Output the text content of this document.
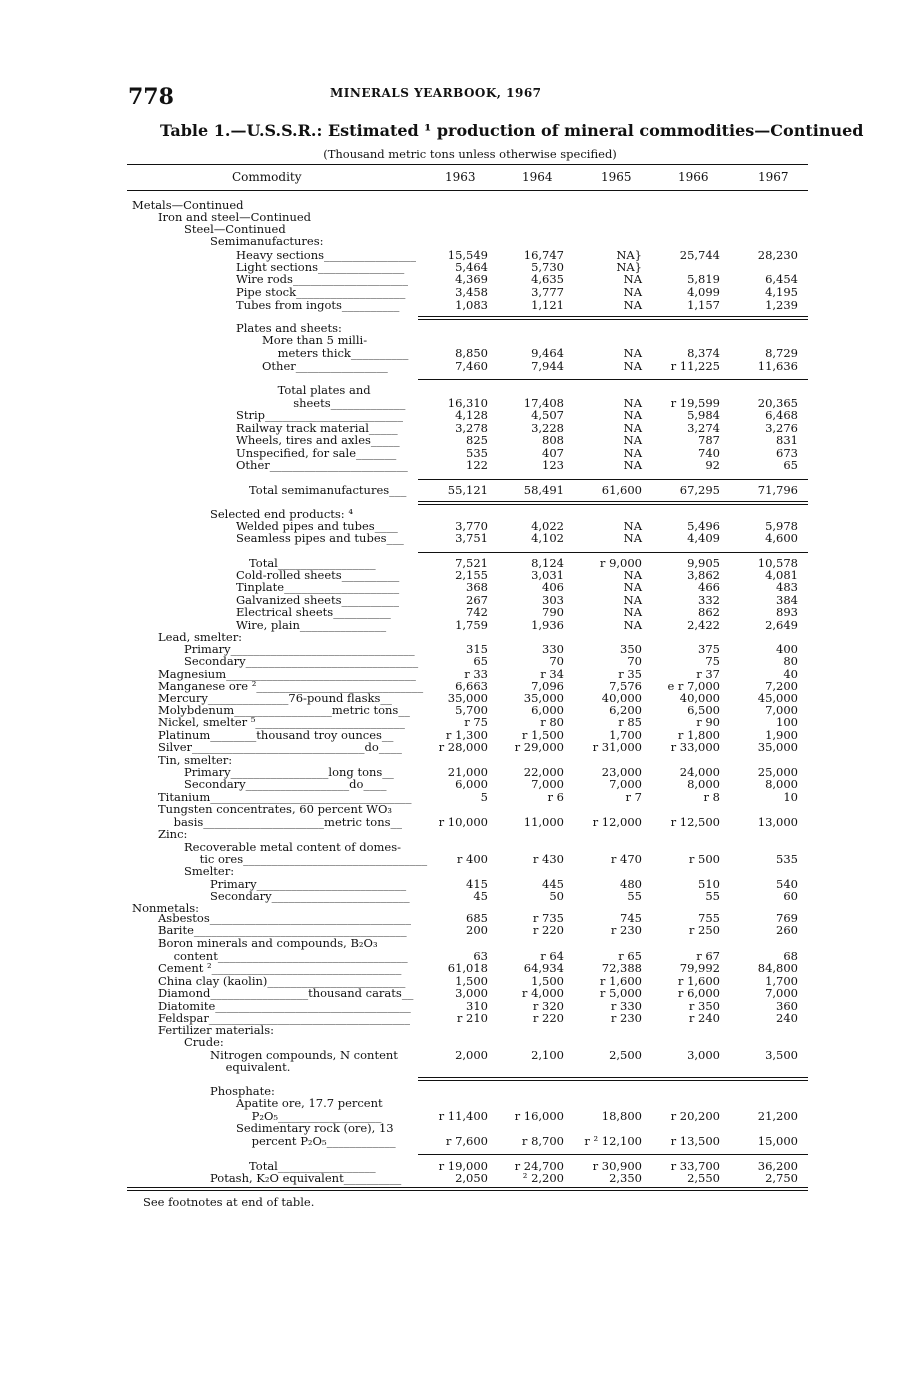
778	MINERALS YEARBOOK, 1967
Table 1.—U.S.S.R.: Estimated ¹ production of mineral commodities—Continued
(Thousand metric tons unless otherwise specified)
Commodity	1963	1964	1965	1966	1967
Metals—Continued
Iron and steel—Continued
Steel—Continued
Semimanufactures:
Heavy sections________________	15,549	16,747	NA}	25,744	28,230
Light sections_______________	5,464	5,730	NA}
Wire rods____________________	4,369	4,635	NA	5,819	6,454
Pipe stock___________________	3,458	3,777	NA	4,099	4,195
Tubes from ingots__________	1,083	1,121	NA	1,157	1,239
Plates and sheets:
More than 5 milli-
meters thick__________	8,850	9,464	NA	8,374	8,729
Other________________	7,460	7,944	NA	r 11,225	11,636
Total plates and
sheets_____________	16,310	17,408	NA	r 19,599	20,365
Strip________________________	4,128	4,507	NA	5,984	6,468
Railway track material_____	3,278	3,228	NA	3,274	3,276
Wheels, tires and axles_____	825	808	NA	787	831
Unspecified, for sale_______	535	407	NA	740	673
Other________________________	122	123	NA	92	65
Total semimanufactures___	55,121	58,491	61,600	67,295	71,796
Selected end products: ⁴
Welded pipes and tubes____	3,770	4,022	NA	5,496	5,978
Seamless pipes and tubes___	3,751	4,102	NA	4,409	4,600
Total_________________	7,521	8,124	r 9,000	9,905	10,578
Cold-rolled sheets__________	2,155	3,031	NA	3,862	4,081
Tinplate____________________	368	406	NA	466	483
Galvanized sheets__________	267	303	NA	332	384
Electrical sheets__________	742	790	NA	862	893
Wire, plain_______________	1,759	1,936	NA	2,422	2,649
Lead, smelter:
Primary________________________________	315	330	350	375	400
Secondary______________________________	65	70	70	75	80
Magnesium_________________________________	r 33	r 34	r 35	r 37	40
Manganese ore ²_____________________________	6,663	7,096	7,576	e r 7,000	7,200
Mercury______________76-pound flasks__	35,000	35,000	40,000	40,000	45,000
Molybdenum_________________metric tons__	5,700	6,000	6,200	6,500	7,000
Nickel, smelter ⁵__________________________	r 75	r 80	r 85	r 90	100
Platinum________thousand troy ounces__	r 1,300	r 1,500	1,700	r 1,800	1,900
Silver______________________________do____	r 28,000	r 29,000	r 31,000	r 33,000	35,000
Tin, smelter:
Primary_________________long tons__	21,000	22,000	23,000	24,000	25,000
Secondary__________________do____	6,000	7,000	7,000	8,000	8,000
Titanium___________________________________	5	r 6	r 7	r 8	10
Tungsten concentrates, 60 percent WO₃
basis_____________________metric tons__	r 10,000	11,000	r 12,000	r 12,500	13,000
Zinc:
Recoverable metal content of domes-
tic ores________________________________	r 400	r 430	r 470	r 500	535
Smelter:
Primary__________________________	415	445	480	510	540
Secondary________________________	45	50	55	55	60
Nonmetals:
Asbestos___________________________________	685	r 735	745	755	769
Barite_____________________________________	200	r 220	r 230	r 250	260
Boron minerals and compounds, B₂O₃
content_________________________________	63	r 64	r 65	r 67	68
Cement ²_________________________________	61,018	64,934	72,388	79,992	84,800
China clay (kaolin)________________________	1,500	1,500	r 1,600	r 1,600	1,700
Diamond_________________thousand carats__	3,000	r 4,000	r 5,000	r 6,000	7,000
Diatomite__________________________________	310	r 320	r 330	r 350	360
Feldspar___________________________________	r 210	r 220	r 230	r 240	240
Fertilizer materials:
Crude:
Nitrogen compounds, N content	2,000	2,100	2,500	3,000	3,500
equivalent.
Phosphate:
Apatite ore, 17.7 percent
P₂O₅__________________	r 11,400	r 16,000	18,800	r 20,200	21,200
Sedimentary rock (ore), 13
percent P₂O₅____________	r 7,600	r 8,700	r ² 12,100	r 13,500	15,000
Total_________________	r 19,000	r 24,700	r 30,900	r 33,700	36,200
Potash, K₂O equivalent__________	2,050	² 2,200	2,350	2,550	2,750
See footnotes at end of table.
